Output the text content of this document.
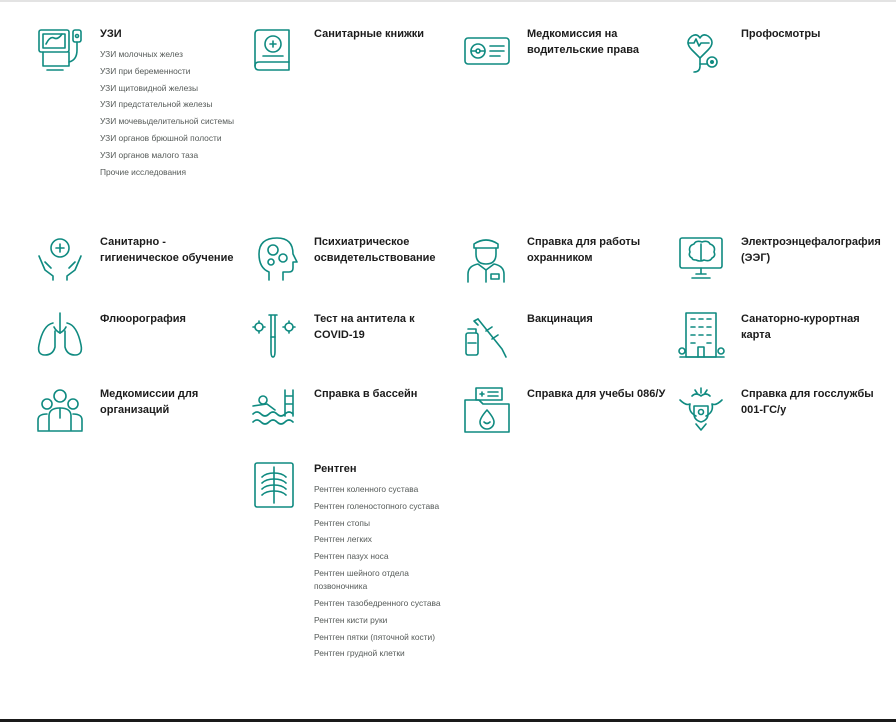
УЗИ
УЗИ молочных желез
УЗИ при беременности
УЗИ щитовидной железы
УЗИ предстательной железы
УЗИ мочевыделительной системы
УЗИ органов брюшной полости
УЗИ органов малого таза
Прочие исследования
Санитарные книжки	Медкомиссия на водительские права
Профосмотры
Санитарно - гигиеническое обучение
Психиатрическое освидетельствование
Справка для работы охранником
Электроэнцефалография (ЭЭГ)
Флюорография	Тест на антитела к COVID-19
Вакцинация	Санаторно-курортная карта
Медкомиссии для организаций
Справка в бассейн	Справка для учебы 086/У	Справка для госслужбы 001-ГС/у
Рентген
Рентген коленного сустава
Рентген голеностопного сустава
Рентген стопы
Рентген легких
Рентген пазух носа
Рентген шейного отдела позвоночника
Рентген тазобедренного сустава
Рентген кисти руки
Рентген пятки (пяточной кости)
Рентген грудной клетки
